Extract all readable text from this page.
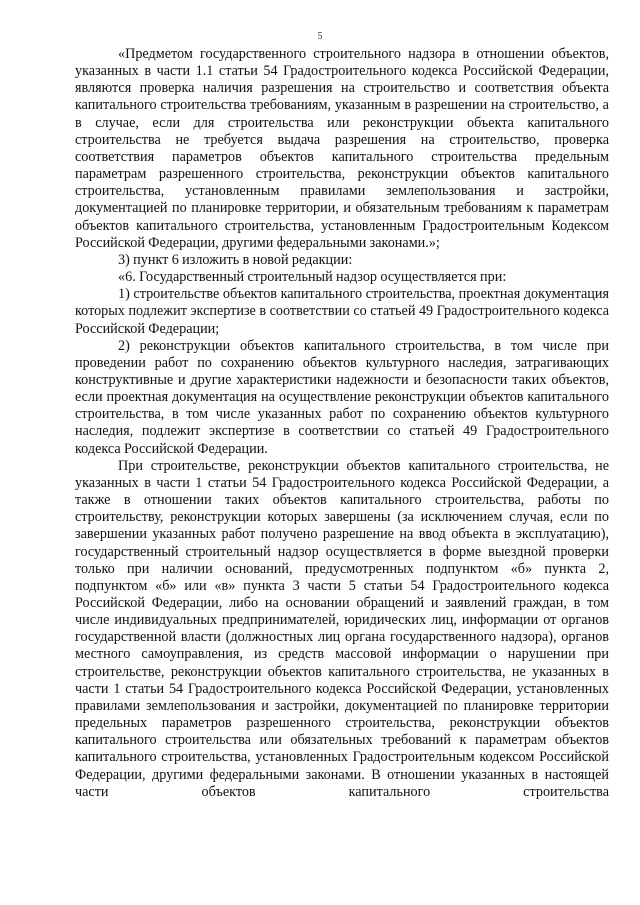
5

«Предметом государственного строительного надзора в отношении объектов, указанных в части 1.1 статьи 54 Градостроительного кодекса Российской Федерации, являются проверка наличия разрешения на строительство и соответствия объекта капитального строительства требованиям, указанным в разрешении на строительство, а в случае, если для строительства или реконструкции объекта капитального строительства не требуется выдача разрешения на строительство, проверка соответствия параметров объектов капитального строительства предельным параметрам разрешенного строительства, реконструкции объектов капитального строительства, установленным правилами землепользования и застройки, документацией по планировке территории, и обязательным требованиям к параметрам объектов капитального строительства, установленным Градостроительным Кодексом Российской Федерации, другими федеральными законами.»;

3) пункт 6 изложить в новой редакции:

«6. Государственный строительный надзор осуществляется при:

1) строительстве объектов капитального строительства, проектная документация которых подлежит экспертизе в соответствии со статьей 49 Градостроительного кодекса Российской Федерации;

2) реконструкции объектов капитального строительства, в том числе при проведении работ по сохранению объектов культурного наследия, затрагивающих конструктивные и другие характеристики надежности и безопасности таких объектов, если проектная документация на осуществление реконструкции объектов капитального строительства, в том числе указанных работ по сохранению объектов культурного наследия, подлежит экспертизе в соответствии со статьей 49 Градостроительного кодекса Российской Федерации.

При строительстве, реконструкции объектов капитального строительства, не указанных в части 1 статьи 54 Градостроительного кодекса Российской Федерации, а также в отношении таких объектов капитального строительства, работы по строительству, реконструкции которых завершены (за исключением случая, если по завершении указанных работ получено разрешение на ввод объекта в эксплуатацию), государственный строительный надзор осуществляется в форме выездной проверки только при наличии оснований, предусмотренных подпунктом «б» пункта 2, подпунктом «б» или «в» пункта 3 части 5 статьи 54 Градостроительного кодекса Российской Федерации, либо на основании обращений и заявлений граждан, в том числе индивидуальных предпринимателей, юридических лиц, информации от органов государственной власти (должностных лиц органа государственного надзора), органов местного самоуправления, из средств массовой информации о нарушении при строительстве, реконструкции объектов капитального строительства, не указанных в части 1 статьи 54 Градостроительного кодекса Российской Федерации, установленных правилами землепользования и застройки, документацией по планировке территории предельных параметров разрешенного строительства, реконструкции объектов капитального строительства или обязательных требований к параметрам объектов капитального строительства, установленных Градостроительным кодексом Российской Федерации, другими федеральными законами. В отношении указанных в настоящей части объектов капитального строительства
